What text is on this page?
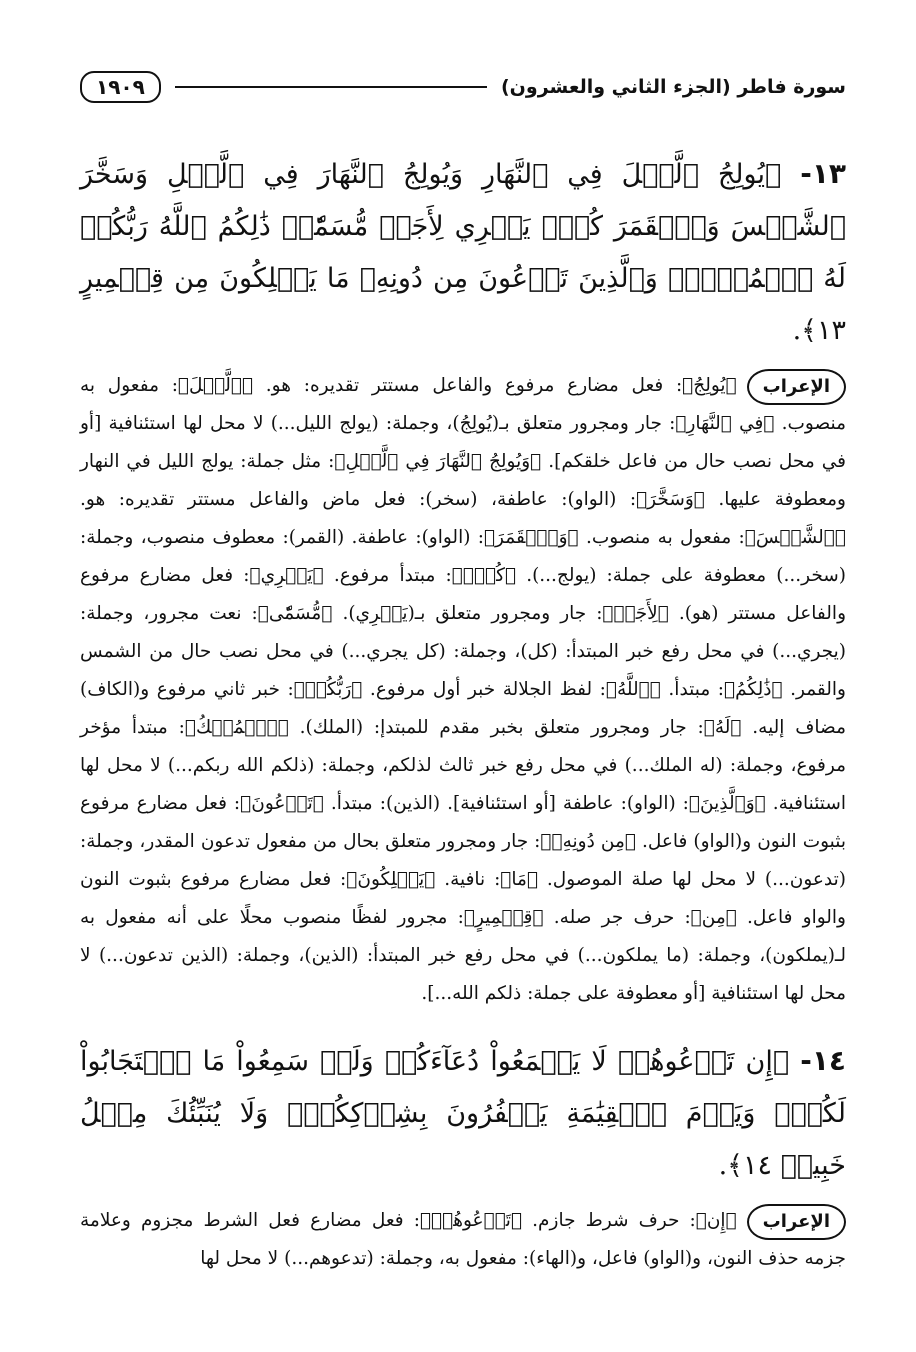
سورة فاطر (الجزء الثاني والعشرون)
١٩٠٩
١٣- ﴿يُولِجُ ٱلَّيۡلَ فِي ٱلنَّهَارِ وَيُولِجُ ٱلنَّهَارَ فِي ٱلَّيۡلِ وَسَخَّرَ ٱلشَّمۡسَ وَٱلۡقَمَرَ كُلّٞ يَجۡرِي لِأَجَلٖ مُّسَمّٗىۚ ذَٰلِكُمُ ٱللَّهُ رَبُّكُمۡ لَهُ ٱلۡمُلۡكُۚ وَٱلَّذِينَ تَدۡعُونَ مِن دُونِهِۦ مَا يَمۡلِكُونَ مِن قِطۡمِيرٍ ١٣﴾.
الإعراب
﴿يُولِجُ﴾: فعل مضارع مرفوع والفاعل مستتر تقديره: هو. ﴿ٱلَّيۡلَ﴾: مفعول به منصوب. ﴿فِي ٱلنَّهَارِ﴾: جار ومجرور متعلق بـ(يُولِجُ)، وجملة: (يولج الليل...) لا محل لها استئنافية [أو في محل نصب حال من فاعل خلقكم]. ﴿وَيُولِجُ ٱلنَّهَارَ فِي ٱلَّيۡلِ﴾: مثل جملة: يولج الليل في النهار ومعطوفة عليها. ﴿وَسَخَّرَ﴾: (الواو): عاطفة، (سخر): فعل ماض والفاعل مستتر تقديره: هو. ﴿ٱلشَّمۡسَ﴾: مفعول به منصوب. ﴿وَٱلۡقَمَرَ﴾: (الواو): عاطفة. (القمر): معطوف منصوب، وجملة: (سخر...) معطوفة على جملة: (يولج...). ﴿كُلّٞ﴾: مبتدأ مرفوع. ﴿يَجۡرِي﴾: فعل مضارع مرفوع والفاعل مستتر (هو). ﴿لِأَجَلٖ﴾: جار ومجرور متعلق بـ(يَجۡرِي). ﴿مُّسَمّٗى﴾: نعت مجرور، وجملة: (يجري...) في محل رفع خبر المبتدأ: (كل)، وجملة: (كل يجري...) في محل نصب حال من الشمس والقمر. ﴿ذَٰلِكُمُ﴾: مبتدأ. ﴿ٱللَّهُ﴾: لفظ الجلالة خبر أول مرفوع. ﴿رَبُّكُمۡ﴾: خبر ثاني مرفوع و(الكاف) مضاف إليه. ﴿لَهُ﴾: جار ومجرور متعلق بخبر مقدم للمبتدإ: (الملك). ﴿ٱلۡمُلۡكُ﴾: مبتدأ مؤخر مرفوع، وجملة: (له الملك...) في محل رفع خبر ثالث لذلكم، وجملة: (ذلكم الله ربكم...) لا محل لها استئنافية. ﴿وَٱلَّذِينَ﴾: (الواو): عاطفة [أو استئنافية]. (الذين): مبتدأ. ﴿تَدۡعُونَ﴾: فعل مضارع مرفوع بثبوت النون و(الواو) فاعل. ﴿مِن دُونِهِۦ﴾: جار ومجرور متعلق بحال من مفعول تدعون المقدر، وجملة: (تدعون...) لا محل لها صلة الموصول. ﴿مَا﴾: نافية. ﴿يَمۡلِكُونَ﴾: فعل مضارع مرفوع بثبوت النون والواو فاعل. ﴿مِن﴾: حرف جر صله. ﴿قِطۡمِيرٍ﴾: مجرور لفظًا منصوب محلًا على أنه مفعول به لـ(يملكون)، وجملة: (ما يملكون...) في محل رفع خبر المبتدأ: (الذين)، وجملة: (الذين تدعون...) لا محل لها استئنافية [أو معطوفة على جملة: ذلكم الله...].
١٤- ﴿إِن تَدۡعُوهُمۡ لَا يَسۡمَعُواْ دُعَآءَكُمۡ وَلَوۡ سَمِعُواْ مَا ٱسۡتَجَابُواْ لَكُمۡۖ وَيَوۡمَ ٱلۡقِيَٰمَةِ يَكۡفُرُونَ بِشِرۡكِكُمۡۚ وَلَا يُنَبِّئُكَ مِثۡلُ خَبِيرٖ ١٤﴾.
الإعراب
﴿إِن﴾: حرف شرط جازم. ﴿تَدۡعُوهُمۡ﴾: فعل مضارع فعل الشرط مجزوم وعلامة جزمه حذف النون، و(الواو) فاعل، و(الهاء): مفعول به، وجملة: (تدعوهم...) لا محل لها
